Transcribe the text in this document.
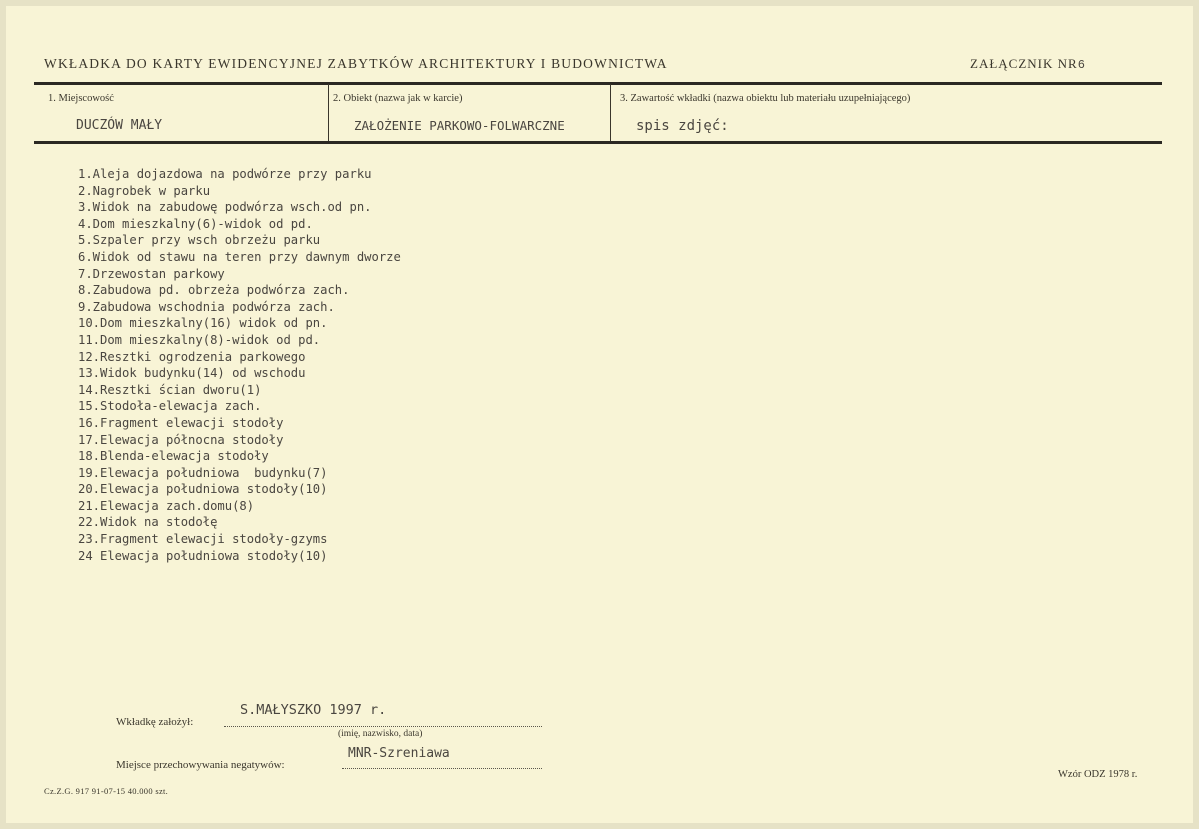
WKŁADKA DO KARTY EWIDENCYJNEJ ZABYTKÓW ARCHITEKTURY I BUDOWNICTWA	ZAŁĄCZNIK NR6
1. Miejscowość
DUCZÓW MAŁY
2. Obiekt (nazwa jak w karcie)
ZAŁOŻENIE PARKOWO-FOLWARCZNE
3. Zawartość wkładki (nazwa obiektu lub materiału uzupełniającego)
spis zdjęć:
1.Aleja dojazdowa na podwórze przy parku
2.Nagrobek w parku
3.Widok na zabudowę podwórza wsch.od pn.
4.Dom mieszkalny(6)-widok od pd.
5.Szpaler przy wsch obrzeżu parku
6.Widok od stawu na teren przy dawnym dworze
7.Drzewostan parkowy
8.Zabudowa pd. obrzeża podwórza zach.
9.Zabudowa wschodnia podwórza zach.
10.Dom mieszkalny(16) widok od pn.
11.Dom mieszkalny(8)-widok od pd.
12.Resztki ogrodzenia parkowego
13.Widok budynku(14) od wschodu
14.Resztki ścian dworu(1)
15.Stodoła-elewacja zach.
16.Fragment elewacji stodoły
17.Elewacja północna stodoły
18.Blenda-elewacja stodoły
19.Elewacja południowa  budynku(7)
20.Elewacja południowa stodoły(10)
21.Elewacja zach.domu(8)
22.Widok na stodołę
23.Fragment elewacji stodoły-gzyms
24 Elewacja południowa stodoły(10)
S.MAŁYSZKO 1997 r.
Wkładkę założył:
(imię, nazwisko, data)
MNR-Szreniawa
Miejsce przechowywania negatywów:
Cz.Z.G. 917 91-07-15 40.000 szt.
Wzór ODZ 1978 r.
